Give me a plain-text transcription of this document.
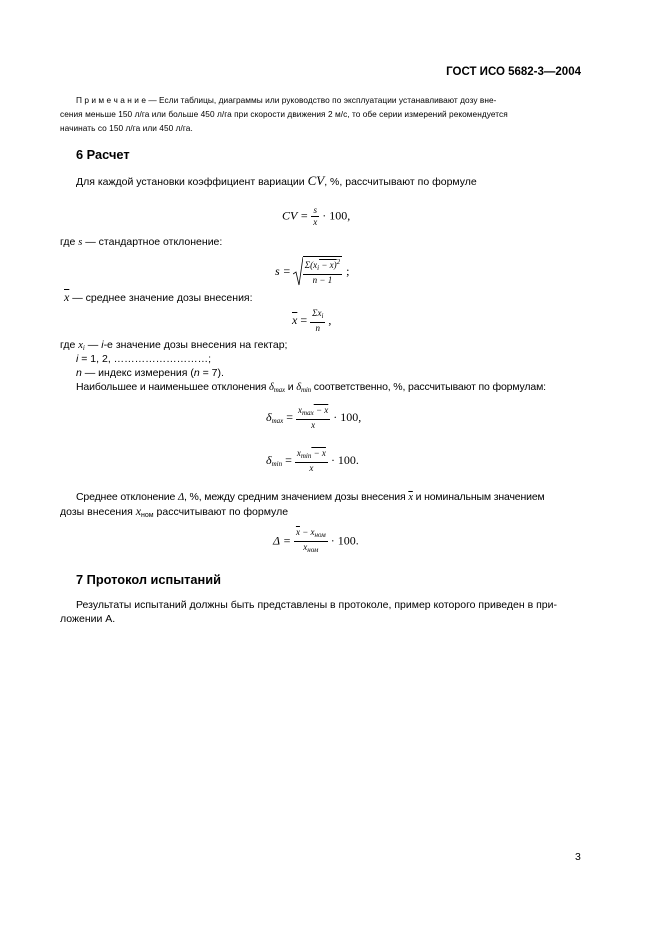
ГОСТ ИСО 5682-3—2004
П р и м е ч а н и е — Если таблицы, диаграммы или руководство по эксплуатации устанавливают дозу вне-
сения меньше 150 л/га или больше 450 л/га при скорости движения 2 м/с, то обе серии измерений рекомендуется
начинать со 150 л/га или 450 л/га.
6 Расчет
Для каждой установки коэффициент вариации CV, %, рассчитывают по формуле
CV = $\frac{s}{x} \cdot 100$,
где s — стандартное отклонение:
$s = \frac{\Sigma(x_i - x)^2}{n - 1}$ ;
$\overline{x}$ — среднее значение дозы внесения:
$\overline{x} = \frac{\Sigma x_i}{n}$ ,
где $x_i$ — i-е значение дозы внесения на гектар;
i = 1, 2, ………………………;
n — индекс измерения (n = 7).
Наибольшее и наименьшее отклонения $\delta_{max}$ и $\delta_{min}$ соответственно, %, рассчитывают по формулам:
$\delta_{max} = \frac{x_{max} - x}{x} \cdot 100$,
$\delta_{min} = \frac{x_{min} - x}{x} \cdot 100$.
Среднее отклонение Δ, %, между средним значением дозы внесения $\overline{x}$ и номинальным значением
дозы внесения $x_{ном}$ рассчитывают по формуле
$\Delta = \frac{\overline{x} - x_{ном}}{x_{ном}} \cdot 100$.
7 Протокол испытаний
Результаты испытаний должны быть представлены в протоколе, пример которого приведен в при-
ложении А.
3
